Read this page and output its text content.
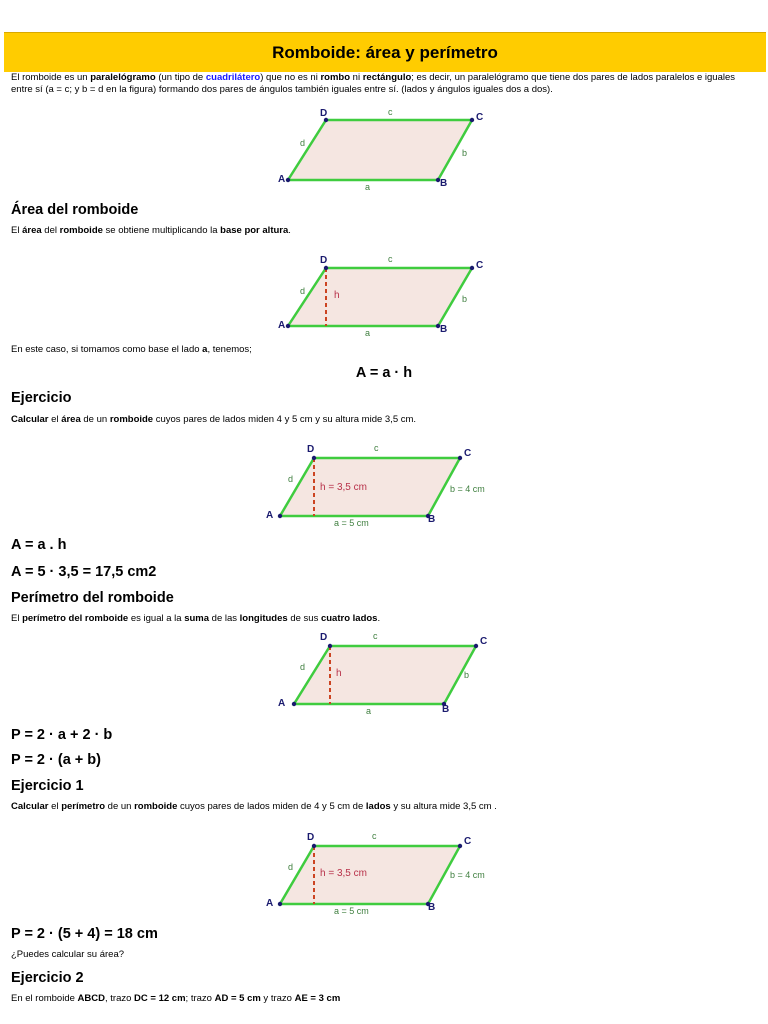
Romboide: área y perímetro
El romboide es un paralelógramo (un tipo de cuadrilátero) que no es ni rombo ni rectángulo; es decir, un paralelógramo que tiene dos pares de lados paralelos e iguales entre sí (a = c; y b = d en la figura) formando dos pares de ángulos también iguales entre sí. (lados y ángulos iguales dos a dos).
A	B
C
D
a
b
c
d
Área del romboide
El área del romboide se obtiene multiplicando la base por altura.
A	B
C
D
a
b
c
d	h
En este caso, si tomamos como base el lado a, tenemos;
A = a · h
Ejercicio
Calcular el área de un romboide cuyos pares de lados miden 4 y 5 cm y su altura mide 3,5 cm.
A	B
C
D
a = 5 cm
b = 4 cm
c
d
h = 3,5 cm
A = a . h
A = 5 · 3,5 = 17,5 cm2
Perímetro del romboide
El perímetro del romboide es igual a la suma de las longitudes de sus cuatro lados.
A
B
C
D
a
b
c
d
h
P = 2 · a + 2 · b
P = 2 · (a + b)
Ejercicio 1
Calcular el perímetro de un romboide cuyos pares de lados miden de 4 y 5 cm de lados y su altura mide 3,5 cm .
A	B
C
D
a = 5 cm
b = 4 cm
c
d
h = 3,5 cm
P = 2 · (5 + 4) = 18 cm
¿Puedes calcular su área?
Ejercicio 2
En el romboide ABCD, trazo DC = 12 cm; trazo AD = 5 cm y trazo AE = 3 cm
